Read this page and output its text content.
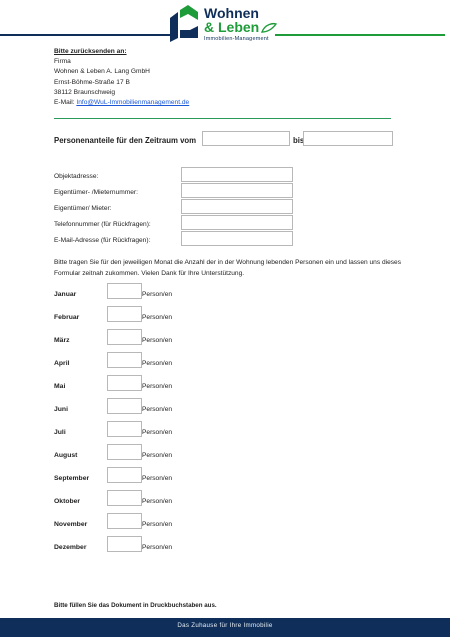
Wohnen
& Leben
Immobilien-Management
Bitte zurücksenden an:
Firma
Wohnen & Leben A. Lang GmbH
Ernst-Böhme-Straße 17 B
38112 Braunschweig
E-Mail: Info@WuL-Immobilienmanagement.de
Personenanteile für den Zeitraum vom	bis
Objektadresse:
Eigentümer- /Mieternummer:
Eigentümer/ Mieter:
Telefonnummer (für Rückfragen):
E-Mail-Adresse (für Rückfragen):
Bitte tragen Sie für den jeweiligen Monat die Anzahl der in der Wohnung lebenden Personen ein und lassen uns dieses Formular zeitnah zukommen. Vielen Dank für Ihre Unterstützung.
Januar	Person/en
Februar	Person/en
März	Person/en
April	Person/en
Mai	Person/en
Juni	Person/en
Juli	Person/en
August	Person/en
September	Person/en
Oktober	Person/en
November	Person/en
Dezember	Person/en
Bitte füllen Sie das Dokument in Druckbuchstaben aus.
Das Zuhause für Ihre Immobilie
